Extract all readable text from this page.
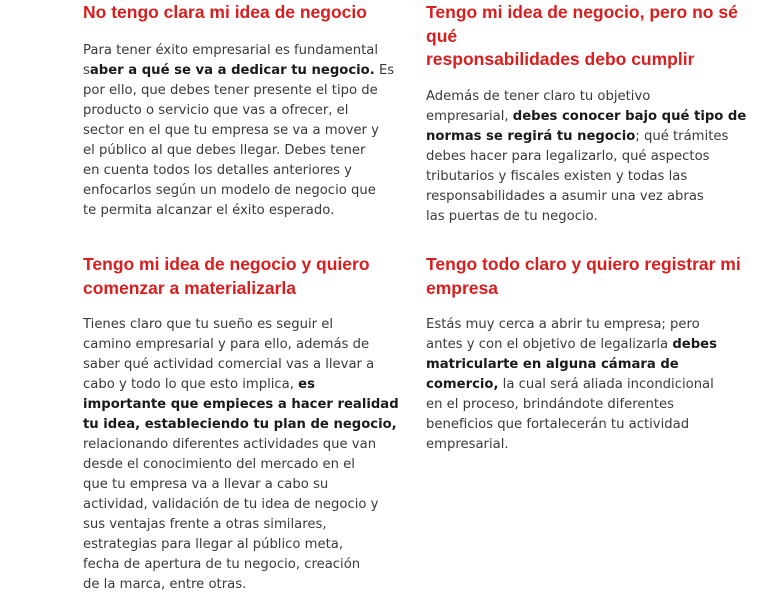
No tengo clara mi idea de negocio

Para tener éxito empresarial es fundamental
saber a qué se va a dedicar tu negocio. Es
por ello, que debes tener presente el tipo de
producto o servicio que vas a ofrecer, el
sector en el que tu empresa se va a mover y
el público al que debes llegar. Debes tener
en cuenta todos los detalles anteriores y
enfocarlos según un modelo de negocio que
te permita alcanzar el éxito esperado.

Tengo mi idea de negocio, pero no sé
qué
responsabilidades debo cumplir

Además de tener claro tu objetivo
empresarial, debes conocer bajo qué tipo de
normas se regirá tu negocio; qué trámites
debes hacer para legalizarlo, qué aspectos
tributarios y fiscales existen y todas las
responsabilidades a asumir una vez abras
las puertas de tu negocio.

Tengo mi idea de negocio y quiero
comenzar a materializarla

Tienes claro que tu sueño es seguir el
camino empresarial y para ello, además de
saber qué actividad comercial vas a llevar a
cabo y todo lo que esto implica, es
importante que empieces a hacer realidad
tu idea, estableciendo tu plan de negocio,
relacionando diferentes actividades que van
desde el conocimiento del mercado en el
que tu empresa va a llevar a cabo su
actividad, validación de tu idea de negocio y
sus ventajas frente a otras similares,
estrategias para llegar al público meta,
fecha de apertura de tu negocio, creación
de la marca, entre otras.

Tengo todo claro y quiero registrar mi
empresa

Estás muy cerca a abrir tu empresa; pero
antes y con el objetivo de legalizarla debes
matricularte en alguna cámara de
comercio, la cual será aliada incondicional
en el proceso, brindándote diferentes
beneficios que fortalecerán tu actividad
empresarial.
